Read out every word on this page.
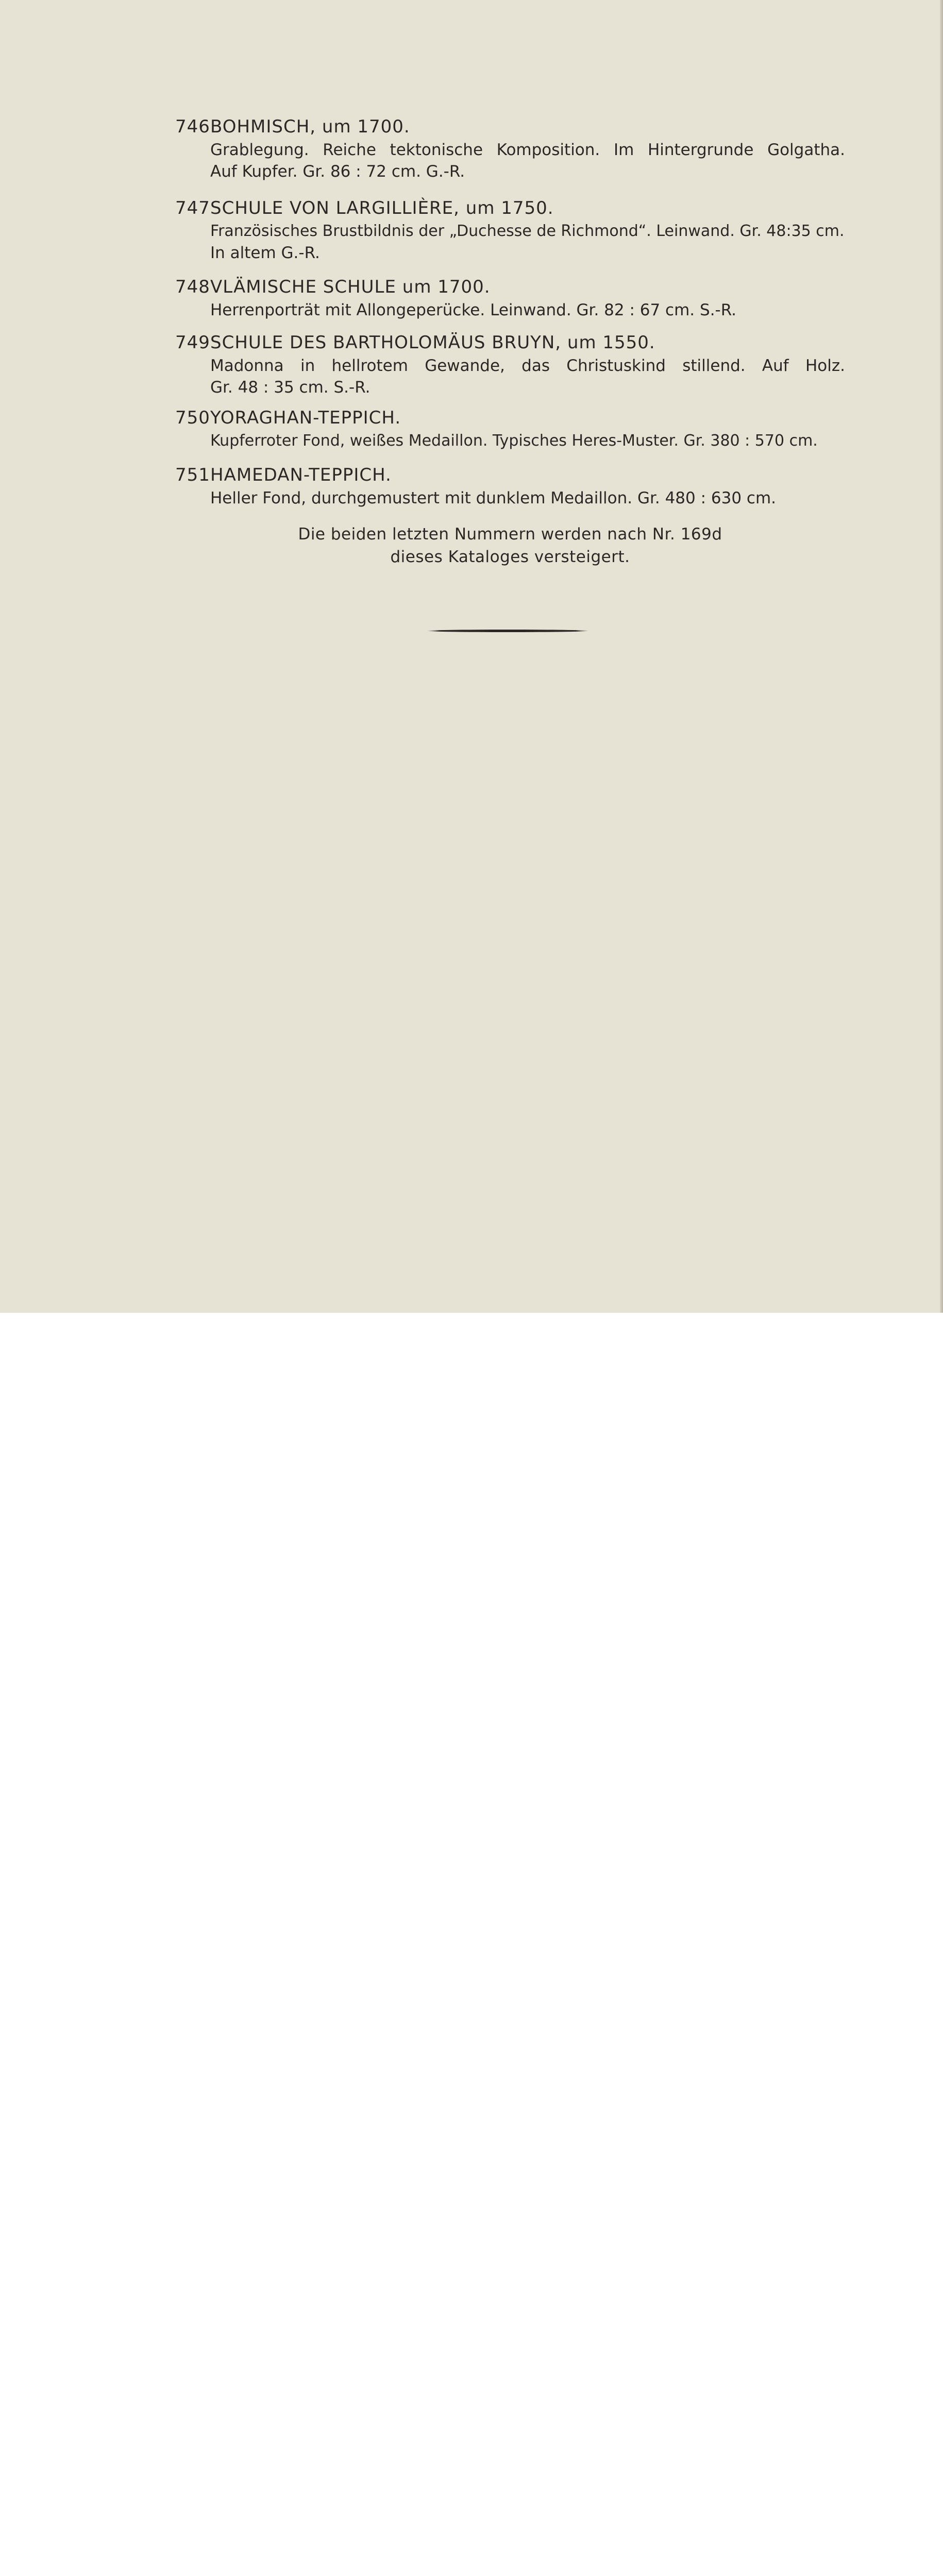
746BOHMISCH, um 1700.
Grablegung. Reiche tektonische Komposition. Im Hintergrunde Golgatha.
Auf Kupfer. Gr. 86 : 72 cm. G.-R.
747SCHULE VON LARGILLIÈRE, um 1750.
Französisches Brustbildnis der „Duchesse de Richmond“. Leinwand. Gr. 48:35 cm.
In altem G.-R.
748VLÄMISCHE SCHULE um 1700.
Herrenporträt mit Allongeperücke. Leinwand. Gr. 82 : 67 cm. S.-R.
749SCHULE DES BARTHOLOMÄUS BRUYN, um 1550.
Madonna in hellrotem Gewande, das Christuskind stillend. Auf Holz.
Gr. 48 : 35 cm. S.-R.
750YORAGHAN-TEPPICH.
Kupferroter Fond, weißes Medaillon. Typisches Heres-Muster. Gr. 380 : 570 cm.
751HAMEDAN-TEPPICH.
Heller Fond, durchgemustert mit dunklem Medaillon. Gr. 480 : 630 cm.
Die beiden letzten Nummern werden nach Nr. 169d
dieses Kataloges versteigert.
